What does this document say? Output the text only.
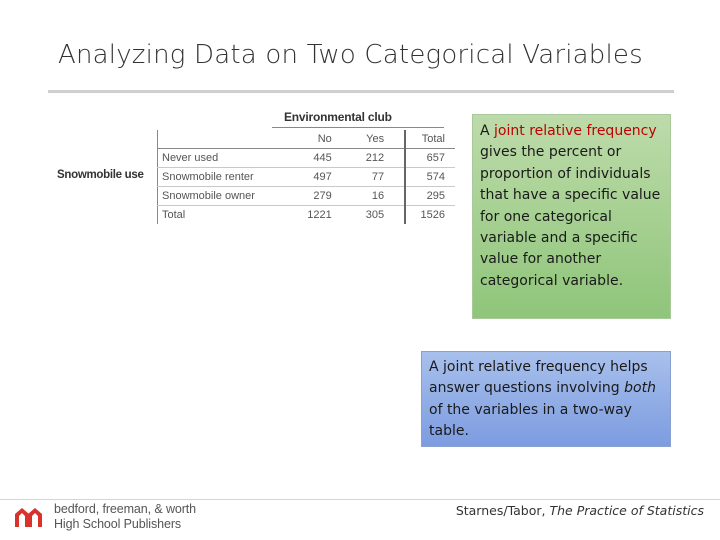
Analyzing Data on Two Categorical Variables
Environmental club
Snowmobile use
	No	Yes	Total
Never used	445	212	657
Snowmobile renter	497	77	574
Snowmobile owner	279	16	295
Total	1221	305	1526
A joint relative frequency gives the percent or proportion of individuals that have a specific value for one categorical variable and a specific value for another categorical variable.
A joint relative frequency helps answer questions involving both of the variables in a two-way table.
bedford, freeman, & worth
High School Publishers
Starnes/Tabor, The Practice of Statistics
